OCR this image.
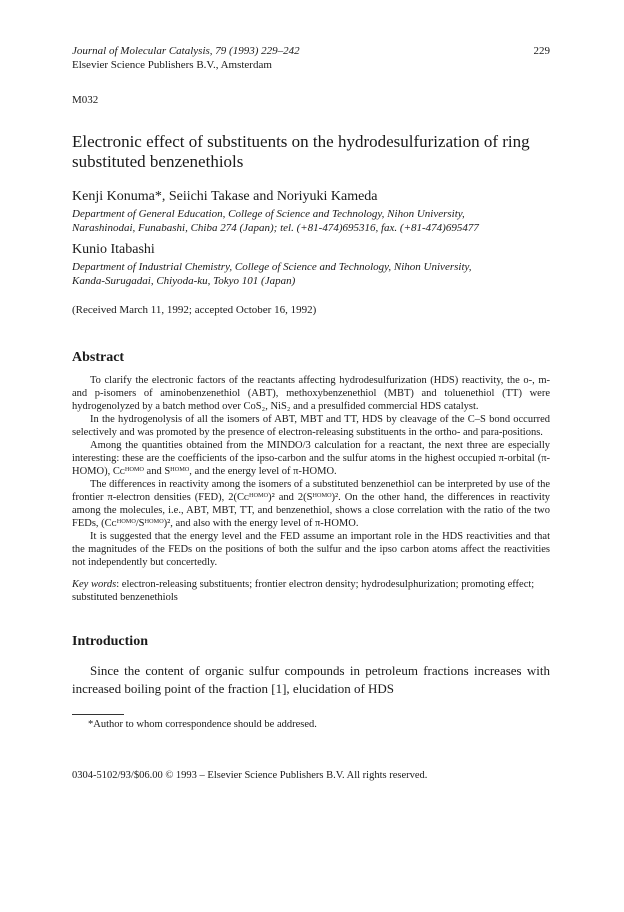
Journal of Molecular Catalysis, 79 (1993) 229–242	229
Elsevier Science Publishers B.V., Amsterdam
M032
Electronic effect of substituents on the hydrodesulfurization of ring substituted benzenethiols
Kenji Konuma*, Seiichi Takase and Noriyuki Kameda
Department of General Education, College of Science and Technology, Nihon University,
Narashinodai, Funabashi, Chiba 274 (Japan); tel. (+81-474)695316, fax. (+81-474)695477
Kunio Itabashi
Department of Industrial Chemistry, College of Science and Technology, Nihon University,
Kanda-Surugadai, Chiyoda-ku, Tokyo 101 (Japan)
(Received March 11, 1992; accepted October 16, 1992)
Abstract

To clarify the electronic factors of the reactants affecting hydrodesulfurization (HDS) reactivity, the o-, m- and p-isomers of aminobenzenethiol (ABT), methoxybenzenethiol (MBT) and toluenethiol (TT) were hydrogenolyzed by a batch method over CoS₂, NiS₂ and a presulfided commercial HDS catalyst.

In the hydrogenolysis of all the isomers of ABT, MBT and TT, HDS by cleavage of the C–S bond occurred selectively and was promoted by the presence of electron-releasing substituents in the ortho- and para-positions.

Among the quantities obtained from the MINDO/3 calculation for a reactant, the next three are especially interesting: these are the coefficients of the ipso-carbon and the sulfur atoms in the highest occupied π-orbital (π-HOMO), Cᴄᴴᴼᴹᴼ and Sᴴᴼᴹᴼ, and the energy level of π-HOMO.

The differences in reactivity among the isomers of a substituted benzenethiol can be interpreted by use of the frontier π-electron densities (FED), 2(Cᴄᴴᴼᴹᴼ)² and 2(Sᴴᴼᴹᴼ)². On the other hand, the differences in reactivity among the molecules, i.e., ABT, MBT, TT, and benzenethiol, shows a close correlation with the ratio of the two FEDs, (Cᴄᴴᴼᴹᴼ/Sᴴᴼᴹᴼ)², and also with the energy level of π-HOMO.

It is suggested that the energy level and the FED assume an important role in the HDS reactivities and that the magnitudes of the FEDs on the positions of both the sulfur and the ipso carbon atoms affect the reactivities not independently but concertedly.

Key words: electron-releasing substituents; frontier electron density; hydrodesulphurization; promoting effect; substituted benzenethiols
Introduction

Since the content of organic sulfur compounds in petroleum fractions increases with increased boiling point of the fraction [1], elucidation of HDS

*Author to whom correspondence should be addresed.
0304-5102/93/$06.00 © 1993 – Elsevier Science Publishers B.V. All rights reserved.
